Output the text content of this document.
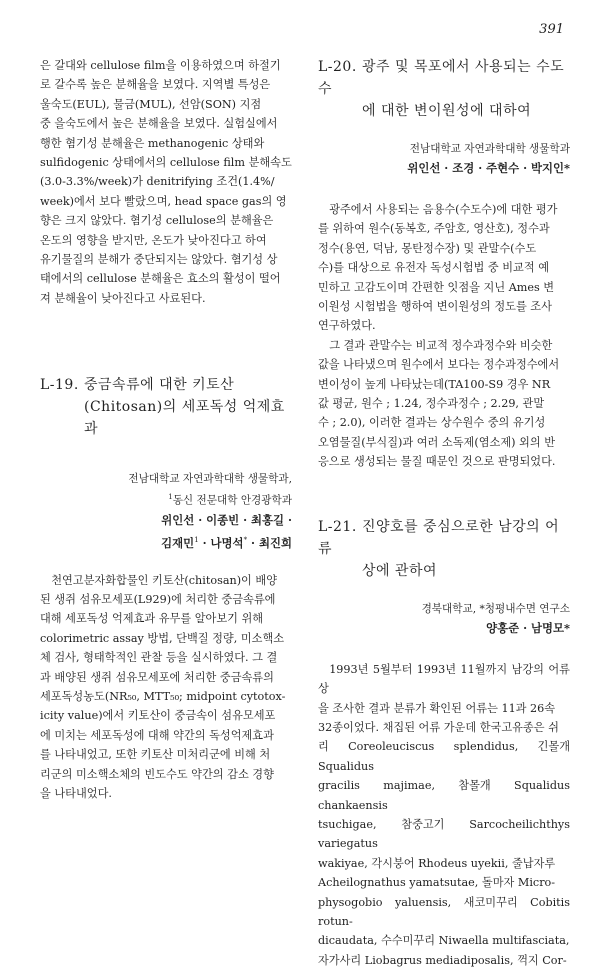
391

은 갈대와 cellulose film을 이용하였으며 하절기

로 갈수록 높은 분해율을 보였다. 지역별 특성은

울숙도(EUL), 물금(MUL), 선암(SON) 지점

중 을숙도에서 높은 분해율을 보였다. 실험실에서

행한 혐기성 분해율은 methanogenic 상태와

sulfidogenic 상태에서의 cellulose film 분해속도

(3.0-3.3%/week)가 denitrifying 조건(1.4%/

week)에서 보다 빨랐으며, head space gas의 영

향은 크지 않았다. 혐기성 cellulose의 분해율은

온도의 영향을 받지만, 온도가 낮아진다고 하여

유기물질의 분해가 중단되지는 않았다. 혐기성 상

태에서의 cellulose 분해율은 효소의 활성이 떨어

져 분해율이 낮아진다고 사료된다.

L-19. 중금속류에 대한 키토산
(Chitosan)의 세포독성 억제효과
전남대학교 자연과학대학 생물학과,
$^1$동신 전문대학 안경광학과
위인선 · 이종빈 · 최홍길 ·
김재민$^1$ · 나명석* · 최진희

천연고분자화합물인 키토산(chitosan)이 배양

된 생쥐 섬유모세포(L929)에 처리한 중금속류에

대해 세포독성 억제효과 유무를 알아보기 위해

colorimetric assay 방법, 단백질 정량, 미소핵소

체 검사, 형태학적인 관찰 등을 실시하였다. 그 결

과 배양된 생쥐 섬유모세포에 처리한 중금속류의

세포독성농도(NR₅₀, MTT₅₀; midpoint cytotox-

icity value)에서 키토산이 중금속이 섬유모세포

에 미치는 세포독성에 대해 약간의 독성억제효과

를 나타내었고, 또한 키토산 미처리군에 비해 처

리군의 미소핵소체의 빈도수도 약간의 감소 경향

을 나타내었다.

L-20. 광주 및 목포에서 사용되는 수도수
에 대한 변이원성에 대하여
전남대학교 자연과학대학 생물학과
위인선 · 조경 · 주현수 · 박지인*

광주에서 사용되는 음용수(수도수)에 대한 평가

를 위하여 원수(동복호, 주암호, 영산호), 정수과

정수(용연, 덕남, 몽탄정수장) 및 관말수(수도

수)를 대상으로 유전자 독성시험법 중 비교적 예

민하고 고감도이며 간편한 잇점을 지닌 Ames 변

이원성 시험법을 행하여 변이원성의 정도를 조사

연구하였다.

그 결과 관말수는 비교적 정수과정수와 비슷한

값을 나타냈으며 원수에서 보다는 정수과정수에서

변이성이 높게 나타났는데(TA100-S9 경우 NR

값 평균, 원수 ; 1.24, 정수과정수 ; 2.29, 관말

수 ; 2.0), 이러한 결과는 상수원수 중의 유기성

오염물질(부식질)과 여러 소독제(염소제) 외의 반

응으로 생성되는 물질 때문인 것으로 판명되었다.

L-21. 진양호를 중심으로한 남강의 어류
상에 관하여
경북대학교, *청평내수면 연구소
양홍준 · 남명모*

1993년 5월부터 1993년 11월까지 남강의 어류상

을 조사한 결과 분류가 확인된 어류는 11과 26속

32종이었다. 채집된 어류 가운데 한국고유종은 쉬

리 Coreoleuciscus splendidus, 긴몰개 Squalidus

gracilis majimae, 참몰개 Squalidus chankaensis

tsuchigae, 참중고기 Sarcocheilichthys variegatus

wakiyae, 각시붕어 Rhodeus uyekii, 줄납자루

Acheilognathus yamatsutae, 돌마자 Micro-

physogobio yaluensis, 새코미꾸리 Cobitis rotun-

dicaudata, 수수미꾸리 Niwaella multifasciata,

자가사리 Liobagrus mediadiposalis, 꺽지 Cor-
